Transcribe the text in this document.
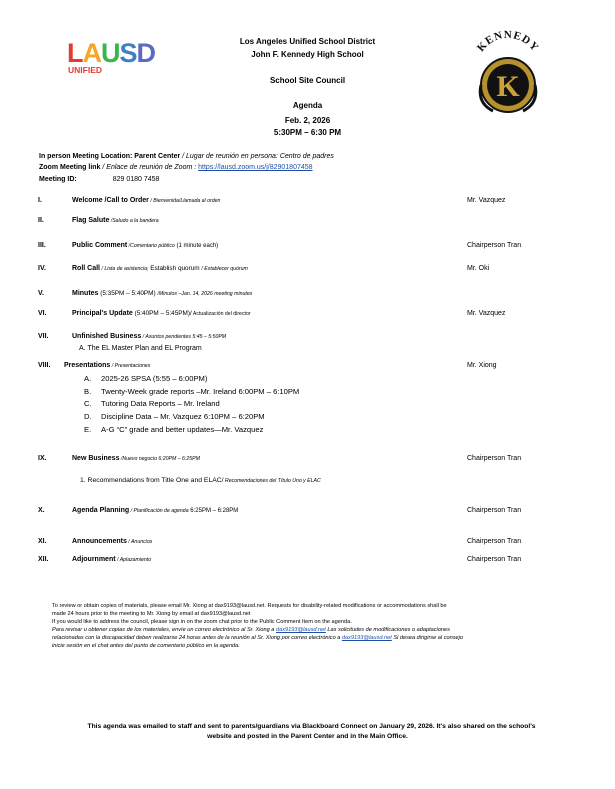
LAUSD
UNIFIED
KENNEDY
K
Los Angeles Unified School District
John F. Kennedy High School
School Site Council
Agenda
Feb. 2, 2026
5:30PM – 6:30 PM
In person Meeting Location: Parent Center / Lugar de reunión en persona: Centro de padres
Zoom Meeting link / Enlace de reunión de Zoom : https://lausd.zoom.us/j/82901807458
Meeting ID:	829 0180 7458
I.	Welcome /Call to Order / Bienvenida/Llamada al orden	Mr. Vazquez
II.	Flag Salute /Saludo a la bandera
III.	Public Comment /Comentario público (1 minute each)	Chairperson Tran
IV.	Roll Call / Lista de asistencia; Establish quorum / Establecer quórum	Mr. Oki
V.	Minutes (5:35PM – 5:40PM) /Minutos –Jan. 14, 2026 meeting minutes
VI.	Principal's Update (5:40PM – 5:45PM)/ Actualización del director	Mr. Vazquez
VII.	Unfinished Business / Asuntos pendientes 5:45 – 5:50PM
A. The EL Master Plan and EL Program
VIII. Presentations / Presentaciones	Mr. Xiong
A. 2025-26 SPSA (5:55 – 6:00PM)
B. Twenty-Week grade reports –Mr. Ireland 6:00PM – 6:10PM
C. Tutoring Data Reports – Mr. Ireland
D. Discipline Data – Mr. Vazquez 6:10PM – 6:20PM
E. A-G “C” grade and better updates—Mr. Vazquez
IX.	New Business /Nuevo negocio 6:20PM – 6:25PM	Chairperson Tran
1. Recommendations from Title One and ELAC/ Recomendaciones del Título Uno y ELAC
X.	Agenda Planning / Planificación de agenda 6:25PM – 6:28PM	Chairperson Tran
XI.	Announcements / Anuncios	Chairperson Tran
XII.	Adjournment / Aplazamiento	Chairperson Tran
To review or obtain copies of materials, please email Mr. Xiong at dax9193@lausd.net. Requests for disability-related modifications or accommodations shall be
made 24 hours prior to the meeting to Mr. Xiong by email at dax9193@lausd.net
If you would like to address the council, please sign in on the zoom chat prior to the Public Comment Item on the agenda.
Para revisar u obtener copias de los materiales, envíe un correo electrónico al Sr. Xiong a dax9193@lausd.net Las solicitudes de modificaciones o adaptaciones
relacionadas con la discapacidad deben realizarse 24 horas antes de la reunión al Sr. Xiong por correo electrónico a dax9193@lausd.net Si desea dirigirse al consejo
inicie sesión en el chat antes del punto de comentario público en la agenda.
This agenda was emailed to staff and sent to parents/guardians via Blackboard Connect on January 29, 2026. It's also shared on the school's
website and posted in the Parent Center and in the Main Office.
